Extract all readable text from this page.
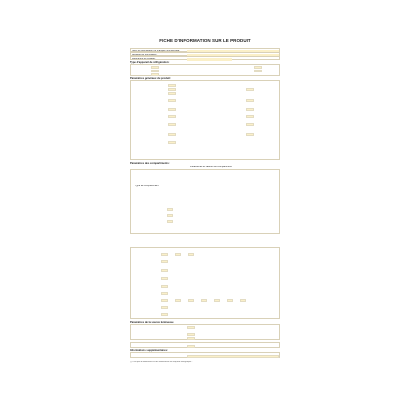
FICHE D'INFORMATION SUR LE PRODUIT
Nom du fournisseur ou marque commerciale:
Adresse du fournisseur:
Référence du modèle:
Type d'appareil de réfrigération:
Paramètres généraux du produit:
Paramètres des compartiments:
Paramètres et valeurs du compartiment
Type de compartiment
Paramètres de la source lumineuse
Informations supplémentaires:
(*) Pour plus d'informations et des informations de l'étiquette énergétique...
